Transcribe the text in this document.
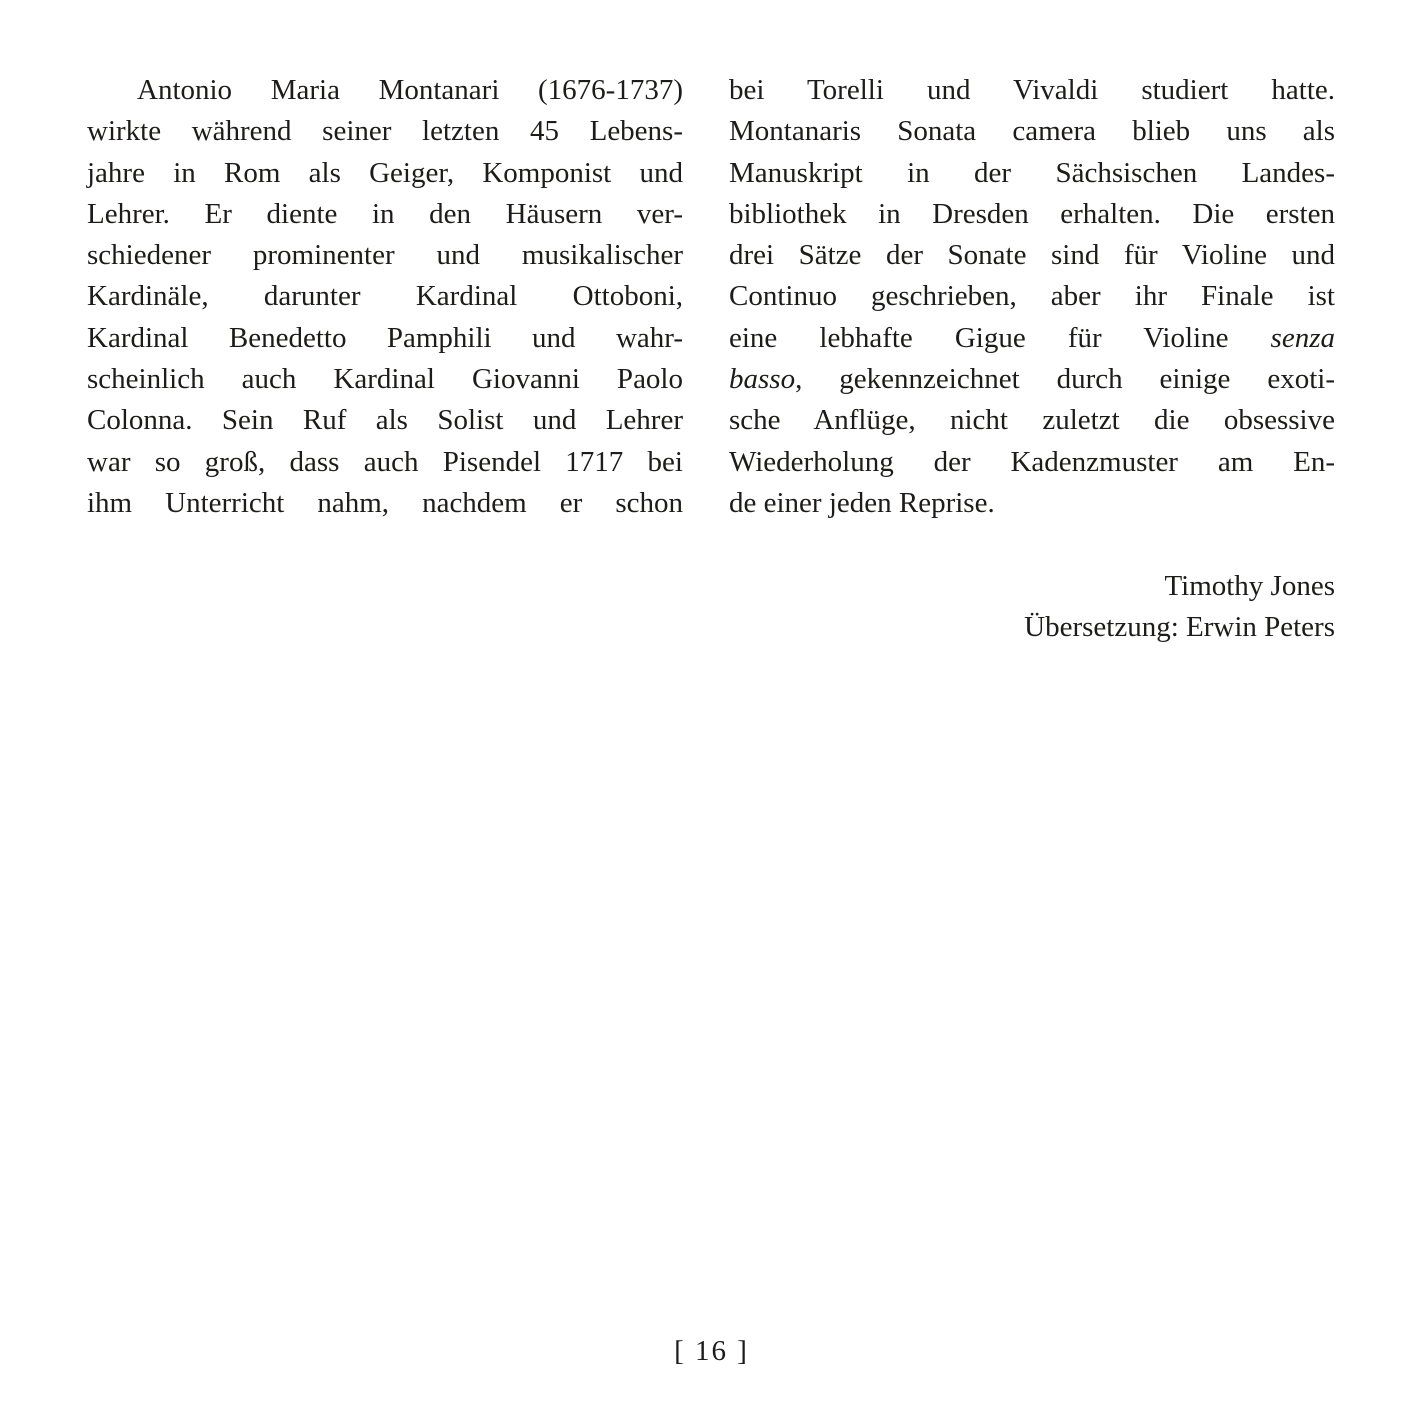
Antonio Maria Montanari (1676-1737)
wirkte während seiner letzten 45 Lebens-
jahre in Rom als Geiger, Komponist und
Lehrer. Er diente in den Häusern ver-
schiedener prominenter und musikalischer
Kardinäle, darunter Kardinal Ottoboni,
Kardinal Benedetto Pamphili und wahr-
scheinlich auch Kardinal Giovanni Paolo
Colonna. Sein Ruf als Solist und Lehrer
war so groß, dass auch Pisendel 1717 bei
ihm Unterricht nahm, nachdem er schon
bei Torelli und Vivaldi studiert hatte.
Montanaris Sonata camera blieb uns als
Manuskript in der Sächsischen Landes-
bibliothek in Dresden erhalten. Die ersten
drei Sätze der Sonate sind für Violine und
Continuo geschrieben, aber ihr Finale ist
eine lebhafte Gigue für Violine senza
basso, gekennzeichnet durch einige exoti-
sche Anflüge, nicht zuletzt die obsessive
Wiederholung der Kadenzmuster am En-
de einer jeden Reprise.
Timothy Jones
Übersetzung: Erwin Peters
[ 16 ]
